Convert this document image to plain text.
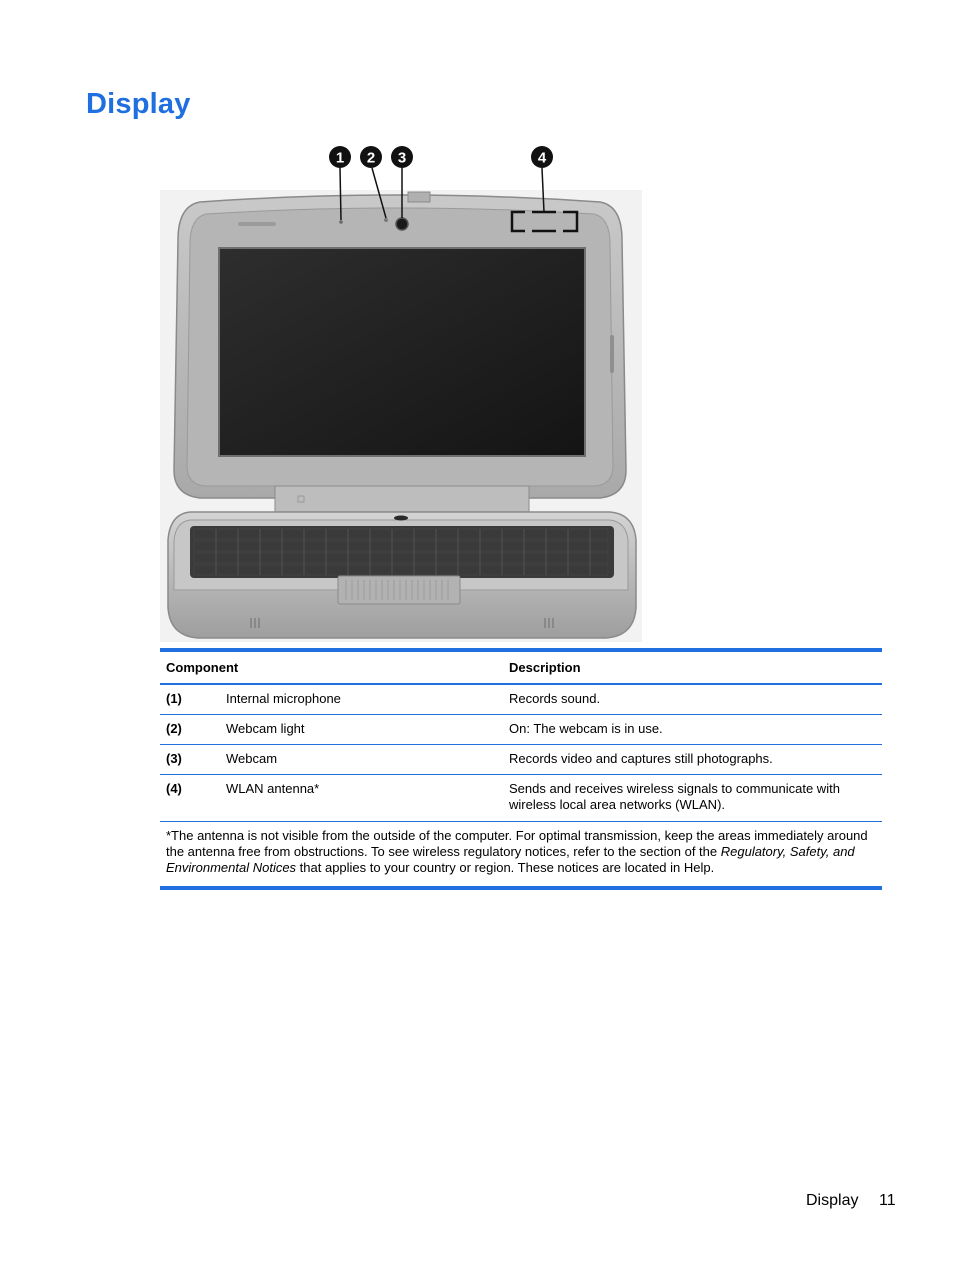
Display
1 2 3	4
Component		Description
(1)	Internal microphone	Records sound.
(2)	Webcam light	On: The webcam is in use.
(3)	Webcam	Records video and captures still photographs.
(4)	WLAN antenna*	Sends and receives wireless signals to communicate with wireless local area networks (WLAN).
*The antenna is not visible from the outside of the computer. For optimal transmission, keep the areas immediately around the antenna free from obstructions. To see wireless regulatory notices, refer to the section of the Regulatory, Safety, and Environmental Notices that applies to your country or region. These notices are located in Help.		
Display 11
